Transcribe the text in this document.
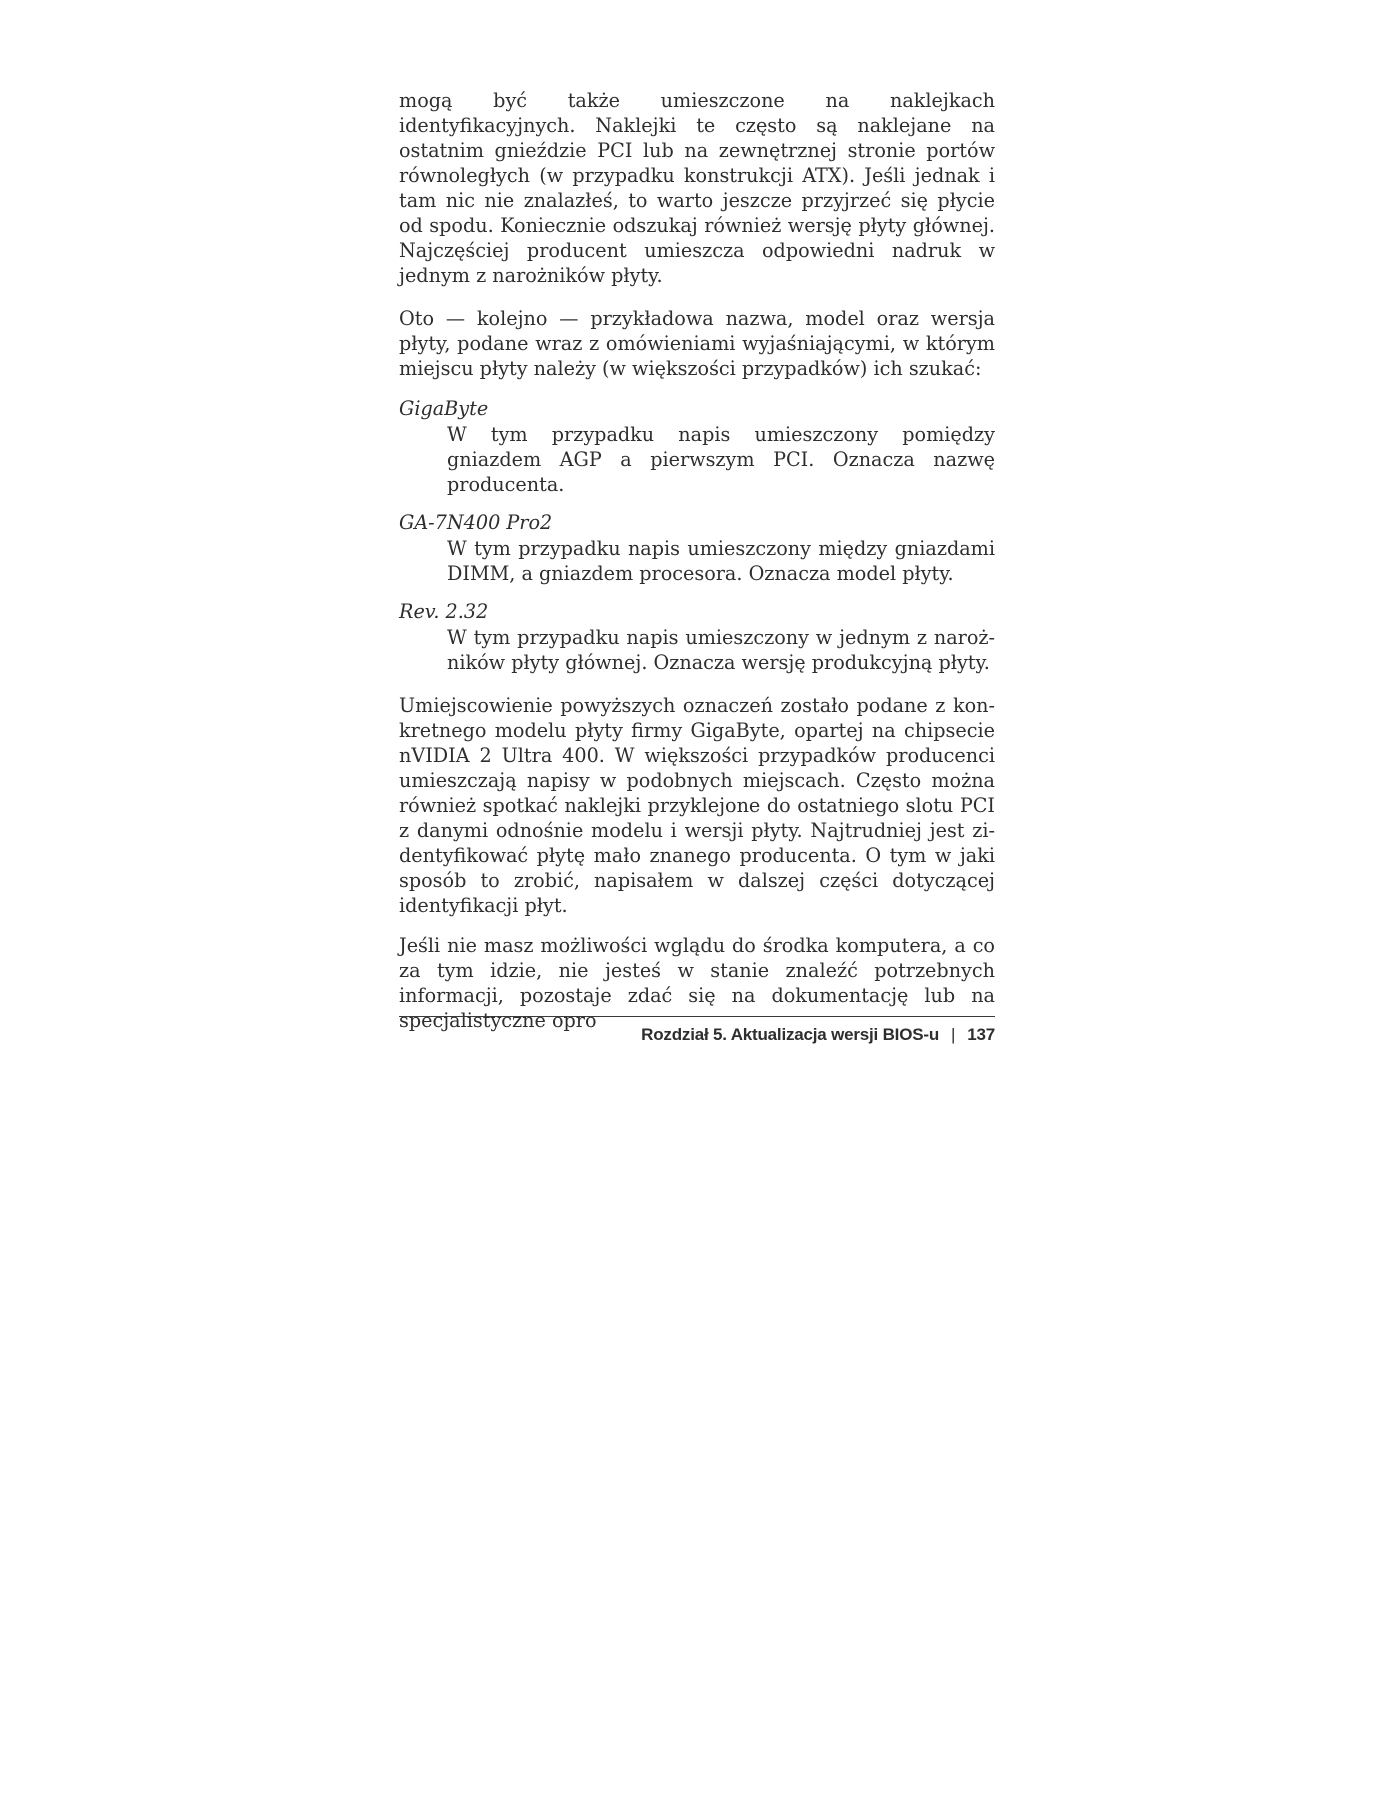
mogą być także umieszczone na naklejkach identyfikacyjnych. Naklejki te często są naklejane na ostatnim gnieździe PCI lub na zewnętrznej stronie portów równoległych (w przypadku konstrukcji ATX). Jeśli jednak i tam nic nie znalazłeś, to warto jeszcze przyjrzeć się płycie od spodu. Koniecznie odszukaj również wersję płyty głównej. Najczęściej producent umieszcza odpowiedni nadruk w jednym z narożników płyty.

Oto — kolejno — przykładowa nazwa, model oraz wersja płyty, podane wraz z omówieniami wyjaśniającymi, w którym miejscu płyty należy (w większości przypadków) ich szukać:

GigaByte

W tym przypadku napis umieszczony pomiędzy gniazdem AGP a pierwszym PCI. Oznacza nazwę producenta.

GA-7N400 Pro2

W tym przypadku napis umieszczony między gniazdami DIMM, a gniazdem procesora. Oznacza model płyty.

Rev. 2.32

W tym przypadku napis umieszczony w jednym z narożników płyty głównej. Oznacza wersję produkcyjną płyty.

Umiejscowienie powyższych oznaczeń zostało podane z konkretnego modelu płyty firmy GigaByte, opartej na chipsecie nVIDIA 2 Ultra 400. W większości przypadków producenci umieszczają napisy w podobnych miejscach. Często można również spotkać naklejki przyklejone do ostatniego slotu PCI z danymi odnośnie modelu i wersji płyty. Najtrudniej jest zidentyfikować płytę mało znanego producenta. O tym w jaki sposób to zrobić, napisałem w dalszej części dotyczącej identyfikacji płyt.

Jeśli nie masz możliwości wglądu do środka komputera, a co za tym idzie, nie jesteś w stanie znaleźć potrzebnych informacji, pozostaje zdać się na dokumentację lub na specjalistyczne opro

Rozdział 5. Aktualizacja wersji BIOS-u | 137
